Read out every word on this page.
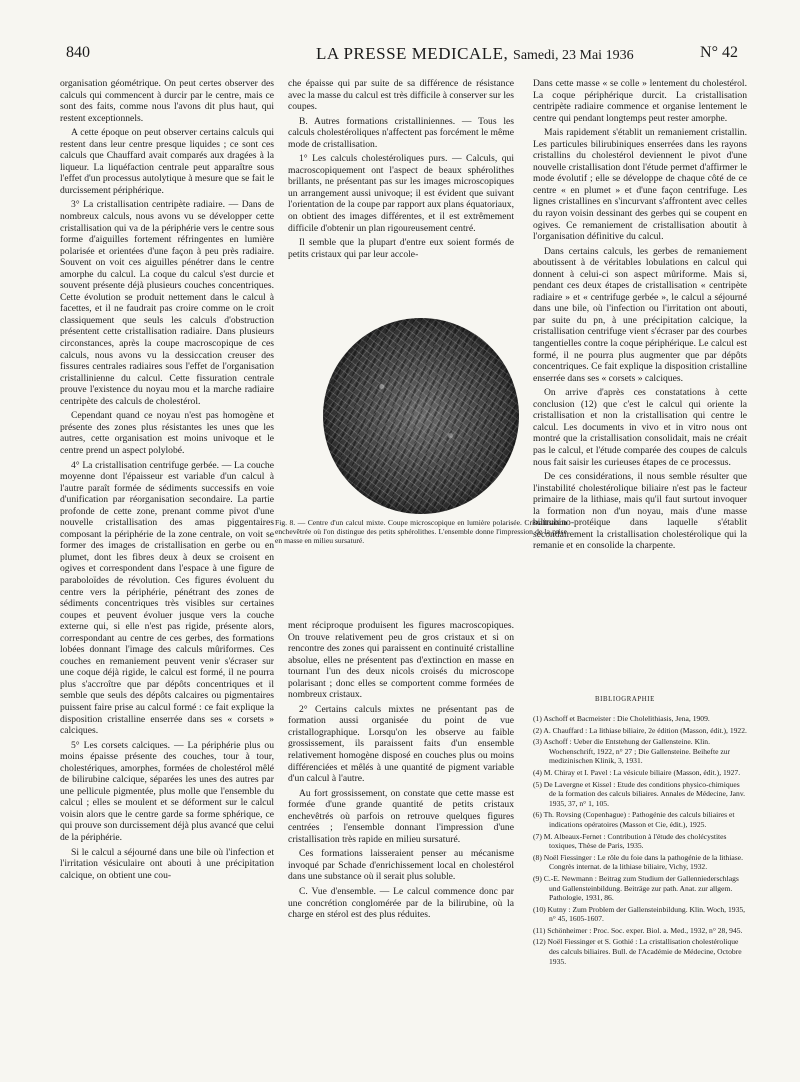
840	LA PRESSE MEDICALE, Samedi, 23 Mai 1936	N° 42

organisation géométrique. On peut certes observer des calculs qui commencent à durcir par le centre, mais ce sont des faits, comme nous l'avons dit plus haut, qui restent exceptionnels.

A cette époque on peut observer certains calculs qui restent dans leur centre presque liquides ; ce sont ces calculs que Chauffard avait comparés aux dragées à la liqueur. La liquéfaction centrale peut apparaître sous l'effet d'un processus autolytique à mesure que se fait le durcissement périphérique.

3° La cristallisation centripète radiaire. — Dans de nombreux calculs, nous avons vu se développer cette cristallisation qui va de la périphérie vers le centre sous forme d'aiguilles fortement réfringentes en lumière polarisée et orientées d'une façon à peu près radiaire. Souvent on voit ces aiguilles pénétrer dans le centre amorphe du calcul. La coque du calcul s'est durcie et souvent présente déjà plusieurs couches concentriques. Cette évolution se produit nettement dans le calcul à facettes, et il ne faudrait pas croire comme on le croit classiquement que seuls les calculs d'obstruction présentent cette cristallisation radiaire. Dans plusieurs circonstances, après la coupe macroscopique de ces calculs, nous avons vu la dessiccation creuser des fissures centrales radiaires sous l'effet de l'organisation cristallinienne du calcul. Cette fissuration centrale prouve l'existence du noyau mou et la marche radiaire centripète des calculs de cholestérol.

Cependant quand ce noyau n'est pas homogène et présente des zones plus résistantes les unes que les autres, cette organisation est moins univoque et le centre prend un aspect polylobé.

4° La cristallisation centrifuge gerbée. — La couche moyenne dont l'épaisseur est variable d'un calcul à l'autre paraît formée de sédiments successifs en voie d'unification par réorganisation secondaire. La partie profonde de cette zone, prenant comme pivot d'une nouvelle cristallisation des amas piggentaires composant la périphérie de la zone centrale, on voit se former des images de cristallisation en gerbe ou en plumet, dont les fibres deux à deux se croisent en ogives et correspondent dans l'espace à une figure de paraboloïdes de révolution. Ces figures évoluent du centre vers la périphérie, pénétrant des zones de sédiments concentriques très visibles sur certaines coupes et peuvent évoluer jusque vers la couche externe qui, si elle n'est pas rigide, présente alors, correspondant au centre de ces gerbes, des formations lobées donnant l'image des calculs mûriformes. Ces couches en remaniement peuvent venir s'écraser sur une coque déjà rigide, le calcul est formé, il ne pourra plus s'accroître que par dépôts concentriques et il semble que seuls des dépôts calcaires ou pigmentaires puissent faire prise au calcul formé : ce fait explique la disposition cristalline enserrée dans ses « corsets » calciques.

5° Les corsets calciques. — La périphérie plus ou moins épaisse présente des couches, tour à tour, cholestériques, amorphes, formées de cholestérol mêlé de bilirubine calcique, séparées les unes des autres par une pellicule pigmentée, plus molle que l'ensemble du calcul ; elles se moulent et se déforment sur le calcul voisin alors que le centre garde sa forme sphérique, ce qui prouve son durcissement déjà plus avancé que celui de la périphérie.

Si le calcul a séjourné dans une bile où l'infection et l'irritation vésiculaire ont abouti à une précipitation calcique, on obtient une cou-

che épaisse qui par suite de sa différence de résistance avec la masse du calcul est très difficile à conserver sur les coupes.

B. Autres formations cristalliniennes. — Tous les calculs cholestéroliques n'affectent pas forcément le même mode de cristallisation.

1° Les calculs cholestéroliques purs. — Calculs, qui macroscopiquement ont l'aspect de beaux sphérolithes brillants, ne présentant pas sur les images microscopiques un arrangement aussi univoque; il est évident que suivant l'orientation de la coupe par rapport aux plans équatoriaux, on obtient des images différentes, et il est extrêmement difficile d'obtenir un plan rigoureusement centré.

Il semble que la plupart d'entre eux soient formés de petits cristaux qui par leur accole-

Fig. 8. — Centre d'un calcul mixte. Coupe microscopique en lumière polarisée. Cristallisation enchevêtrée où l'on distingue des petits sphérolithes. L'ensemble donne l'impression de la prise en masse en milieu sursaturé.

ment réciproque produisent les figures macroscopiques. On trouve relativement peu de gros cristaux et si on rencontre des zones qui paraissent en continuité cristalline absolue, elles ne présentent pas d'extinction en masse en tournant l'un des deux nicols croisés du microscope polarisant ; donc elles se comportent comme formées de nombreux cristaux.

2° Certains calculs mixtes ne présentant pas de formation aussi organisée du point de vue cristallographique. Lorsqu'on les observe au faible grossissement, ils paraissent faits d'un ensemble relativement homogène disposé en couches plus ou moins différenciées et mêlés à une quantité de pigment variable d'un calcul à l'autre.

Au fort grossissement, on constate que cette masse est formée d'une grande quantité de petits cristaux enchevêtrés où parfois on retrouve quelques figures centrées ; l'ensemble donnant l'impression d'une cristallisation très rapide en milieu sursaturé.

Ces formations laisseraient penser au mécanisme invoqué par Schade d'enrichissement local en cholestérol dans une substance où il serait plus soluble.

C. Vue d'ensemble. — Le calcul commence donc par une concrétion conglomérée par de la bilirubine, où la charge en stérol est des plus réduites.

Dans cette masse « se colle » lentement du cholestérol. La coque périphérique durcit. La cristallisation centripète radiaire commence et organise lentement le centre qui pendant longtemps peut rester amorphe.

Mais rapidement s'établit un remaniement cristallin. Les particules bilirubiniques enserrées dans les rayons cristallins du cholestérol deviennent le pivot d'une nouvelle cristallisation dont l'étude permet d'affirmer le mode évolutif ; elle se développe de chaque côté de ce centre « en plumet » et d'une façon centrifuge. Les lignes cristallines en s'incurvant s'affrontent avec celles du rayon voisin dessinant des gerbes qui se coupent en ogives. Ce remaniement de cristallisation aboutit à l'organisation définitive du calcul.

Dans certains calculs, les gerbes de remaniement aboutissent à de véritables lobulations en calcul qui donnent à celui-ci son aspect mûriforme. Mais si, pendant ces deux étapes de cristallisation « centripète radiaire » et « centrifuge gerbée », le calcul a séjourné dans une bile, où l'infection ou l'irritation ont abouti, par suite du pn, à une précipitation calcique, la cristallisation centrifuge vient s'écraser par des courbes tangentielles contre la coque périphérique. Le calcul est formé, il ne pourra plus augmenter que par dépôts concentriques. Ce fait explique la disposition cristalline enserrée dans ses « corsets » calciques.

On arrive d'après ces constatations à cette conclusion (12) que c'est le calcul qui oriente la cristallisation et non la cristallisation qui centre le calcul. Les documents in vivo et in vitro nous ont montré que la cristallisation consolidait, mais ne créait pas le calcul, et l'étude comparée des coupes de calculs nous fait saisir les curieuses étapes de ce processus.

De ces considérations, il nous semble résulter que l'instabilité cholestérolique biliaire n'est pas le facteur primaire de la lithiase, mais qu'il faut surtout invoquer la formation non d'un noyau, mais d'une masse bilirubino-protéique dans laquelle s'établit secondairement la cristallisation cholestérolique qui la remanie et en consolide la charpente.

BIBLIOGRAPHIE
(1) Aschoff et Bacmeister : Die Cholelithiasis, Jena, 1909.
(2) A. Chauffard : La lithiase biliaire, 2e édition (Masson, édit.), 1922.
(3) Aschoff : Ueber die Entstehung der Gallensteine. Klin. Wochenschrift, 1922, n° 27 ; Die Gallensteine. Beihefte zur medizinischen Klinik, 3, 1931.
(4) M. Chiray et I. Pavel : La vésicule biliaire (Masson, édit.), 1927.
(5) De Lavergne et Kissel : Etude des conditions physico-chimiques de la formation des calculs biliaires. Annales de Médecine, Janv. 1935, 37, n° 1, 105.
(6) Th. Rovsing (Copenhague) : Pathogénie des calculs biliaires et indications opératoires (Masson et Cie, édit.), 1925.
(7) M. Albeaux-Fernet : Contribution à l'étude des cholécystites toxiques, Thèse de Paris, 1935.
(8) Noël Fiessinger : Le rôle du foie dans la pathogénie de la lithiase. Congrès internat. de la lithiase biliaire, Vichy, 1932.
(9) C.-E. Newmann : Beitrag zum Studium der Gallenniederschlags und Gallensteinbildung. Beiträge zur path. Anat. zur allgem. Pathologie, 1931, 86.
(10) Kutny : Zum Problem der Gallensteinbildung. Klin. Woch, 1935, n° 45, 1605-1607.
(11) Schönheimer : Proc. Soc. exper. Biol. a. Med., 1932, n° 28, 945.
(12) Noël Fiessinger et S. Gothié : La cristallisation cholestérolique des calculs biliaires. Bull. de l'Académie de Médecine, Octobre 1935.
